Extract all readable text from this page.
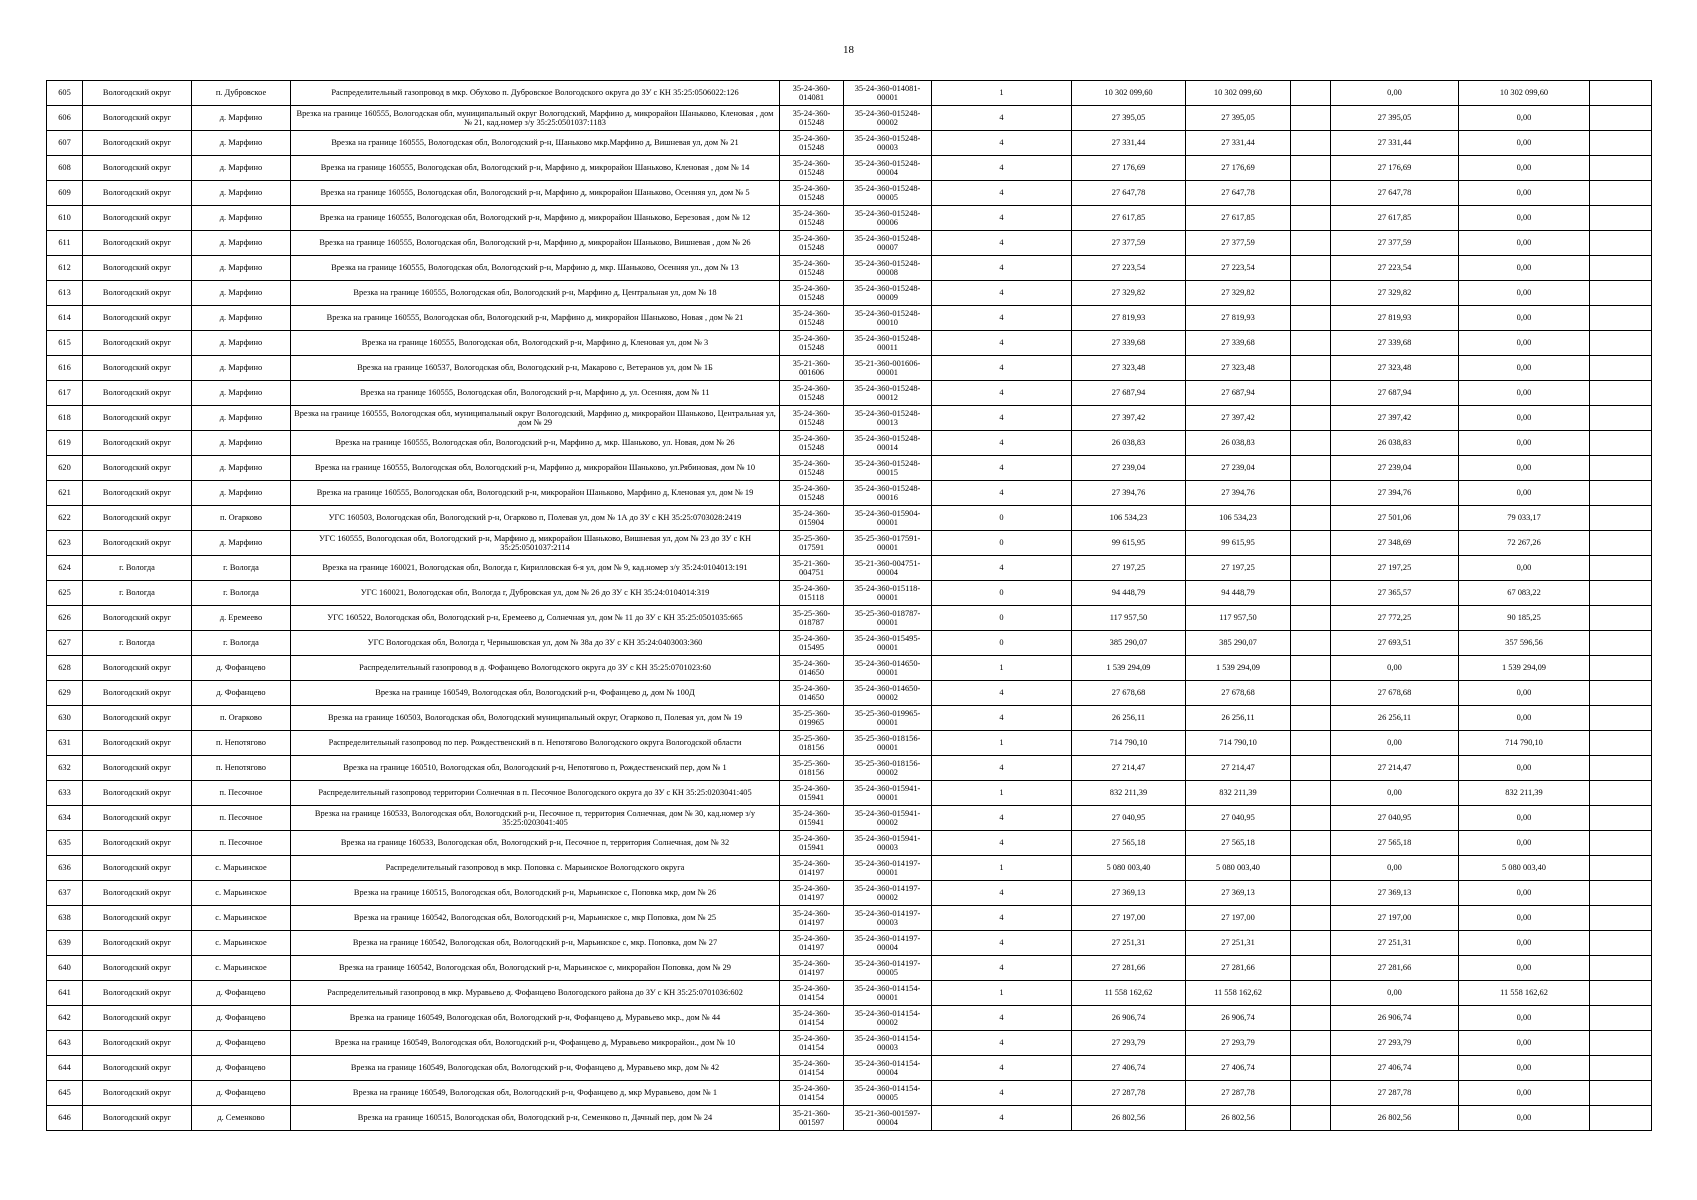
18
605	Вологодский округ	п. Дубровское	Распределительный газопровод в мкр. Обухово п. Дубровское Вологодского округа до ЗУ с КН 35:25:0506022:126	35-24-360-014081	35-24-360-014081-00001	1	10 302 099,60	10 302 099,60		0,00	10 302 099,60	
606	Вологодский округ	д. Марфино	Врезка на границе 160555, Вологодская обл, муниципальный округ Вологодский, Марфино д, микрорайон Шаньково, Кленовая , дом № 21, кад.номер з/у 35:25:0501037:1183	35-24-360-015248	35-24-360-015248-00002	4	27 395,05	27 395,05		27 395,05	0,00	
607	Вологодский округ	д. Марфино	Врезка на границе 160555, Вологодская обл, Вологодский р-н, Шаньково мкр.Марфино д, Вишневая ул, дом № 21	35-24-360-015248	35-24-360-015248-00003	4	27 331,44	27 331,44		27 331,44	0,00	
608	Вологодский округ	д. Марфино	Врезка на границе 160555, Вологодская обл, Вологодский р-н, Марфино д, микрорайон Шаньково, Кленовая , дом № 14	35-24-360-015248	35-24-360-015248-00004	4	27 176,69	27 176,69		27 176,69	0,00	
609	Вологодский округ	д. Марфино	Врезка на границе 160555, Вологодская обл, Вологодский р-н, Марфино д, микрорайон Шаньково, Осенняя ул, дом № 5	35-24-360-015248	35-24-360-015248-00005	4	27 647,78	27 647,78		27 647,78	0,00	
610	Вологодский округ	д. Марфино	Врезка на границе 160555, Вологодская обл, Вологодский р-н, Марфино д, микрорайон Шаньково, Березовая , дом № 12	35-24-360-015248	35-24-360-015248-00006	4	27 617,85	27 617,85		27 617,85	0,00	
611	Вологодский округ	д. Марфино	Врезка на границе 160555, Вологодская обл, Вологодский р-н, Марфино д, микрорайон Шаньково, Вишневая , дом № 26	35-24-360-015248	35-24-360-015248-00007	4	27 377,59	27 377,59		27 377,59	0,00	
612	Вологодский округ	д. Марфино	Врезка на границе 160555, Вологодская обл, Вологодский р-н, Марфино д, мкр. Шаньково, Осенняя ул., дом № 13	35-24-360-015248	35-24-360-015248-00008	4	27 223,54	27 223,54		27 223,54	0,00	
613	Вологодский округ	д. Марфино	Врезка на границе 160555, Вологодская обл, Вологодский р-н, Марфино д, Центральная ул, дом № 18	35-24-360-015248	35-24-360-015248-00009	4	27 329,82	27 329,82		27 329,82	0,00	
614	Вологодский округ	д. Марфино	Врезка на границе 160555, Вологодская обл, Вологодский р-н, Марфино д, микрорайон Шаньково, Новая , дом № 21	35-24-360-015248	35-24-360-015248-00010	4	27 819,93	27 819,93		27 819,93	0,00	
615	Вологодский округ	д. Марфино	Врезка на границе 160555, Вологодская обл, Вологодский р-н, Марфино д, Кленовая ул, дом № 3	35-24-360-015248	35-24-360-015248-00011	4	27 339,68	27 339,68		27 339,68	0,00	
616	Вологодский округ	д. Марфино	Врезка на границе 160537, Вологодская обл, Вологодский р-н, Макарово с, Ветеранов ул, дом № 1Б	35-21-360-001606	35-21-360-001606-00001	4	27 323,48	27 323,48		27 323,48	0,00	
617	Вологодский округ	д. Марфино	Врезка на границе 160555, Вологодская обл, Вологодский р-н, Марфино д, ул. Осенняя, дом № 11	35-24-360-015248	35-24-360-015248-00012	4	27 687,94	27 687,94		27 687,94	0,00	
618	Вологодский округ	д. Марфино	Врезка на границе 160555, Вологодская обл, муниципальный округ Вологодский, Марфино д, микрорайон Шаньково, Центральная ул, дом № 29	35-24-360-015248	35-24-360-015248-00013	4	27 397,42	27 397,42		27 397,42	0,00	
619	Вологодский округ	д. Марфино	Врезка на границе 160555, Вологодская обл, Вологодский р-н, Марфино д, мкр. Шаньково, ул. Новая, дом № 26	35-24-360-015248	35-24-360-015248-00014	4	26 038,83	26 038,83		26 038,83	0,00	
620	Вологодский округ	д. Марфино	Врезка на границе 160555, Вологодская обл, Вологодский р-н, Марфино д, микрорайон Шаньково, ул.Рябиновая, дом № 10	35-24-360-015248	35-24-360-015248-00015	4	27 239,04	27 239,04		27 239,04	0,00	
621	Вологодский округ	д. Марфино	Врезка на границе 160555, Вологодская обл, Вологодский р-н, микрорайон Шаньково, Марфино д, Кленовая ул, дом № 19	35-24-360-015248	35-24-360-015248-00016	4	27 394,76	27 394,76		27 394,76	0,00	
622	Вологодский округ	п. Огарково	УГС 160503, Вологодская обл, Вологодский р-н, Огарково п, Полевая ул, дом № 1А до ЗУ с КН 35:25:0703028:2419	35-24-360-015904	35-24-360-015904-00001	0	106 534,23	106 534,23		27 501,06	79 033,17	
623	Вологодский округ	д. Марфино	УГС 160555, Вологодская обл, Вологодский р-н, Марфино д, микрорайон Шаньково, Вишневая ул, дом № 23 до ЗУ с КН 35:25:0501037:2114	35-25-360-017591	35-25-360-017591-00001	0	99 615,95	99 615,95		27 348,69	72 267,26	
624	г. Вологда	г. Вологда	Врезка на границе 160021, Вологодская обл, Вологда г, Кирилловская 6-я ул, дом № 9, кад.номер з/у 35:24:0104013:191	35-21-360-004751	35-21-360-004751-00004	4	27 197,25	27 197,25		27 197,25	0,00	
625	г. Вологда	г. Вологда	УГС 160021, Вологодская обл, Вологда г, Дубровская ул, дом № 26 до ЗУ с КН 35:24:0104014:319	35-24-360-015118	35-24-360-015118-00001	0	94 448,79	94 448,79		27 365,57	67 083,22	
626	Вологодский округ	д. Еремеево	УГС 160522, Вологодская обл, Вологодский р-н, Еремеево д, Солнечная ул, дом № 11 до ЗУ с КН 35:25:0501035:665	35-25-360-018787	35-25-360-018787-00001	0	117 957,50	117 957,50		27 772,25	90 185,25	
627	г. Вологда	г. Вологда	УГС Вологодская обл, Вологда г, Чернышовская ул, дом № 38а до ЗУ с КН 35:24:0403003:360	35-24-360-015495	35-24-360-015495-00001	0	385 290,07	385 290,07		27 693,51	357 596,56	
628	Вологодский округ	д. Фофанцево	Распределительный газопровод в д. Фофанцево Вологодского округа до ЗУ с КН 35:25:0701023:60	35-24-360-014650	35-24-360-014650-00001	1	1 539 294,09	1 539 294,09		0,00	1 539 294,09	
629	Вологодский округ	д. Фофанцево	Врезка на границе 160549, Вологодская обл, Вологодский р-н, Фофанцево д, дом № 100Д	35-24-360-014650	35-24-360-014650-00002	4	27 678,68	27 678,68		27 678,68	0,00	
630	Вологодский округ	п. Огарково	Врезка на границе 160503, Вологодская обл, Вологодский муниципальный округ, Огарково п, Полевая ул, дом № 19	35-25-360-019965	35-25-360-019965-00001	4	26 256,11	26 256,11		26 256,11	0,00	
631	Вологодский округ	п. Непотягово	Распределительный газопровод по пер. Рождественский в п. Непотягово Вологодского округа Вологодской области	35-25-360-018156	35-25-360-018156-00001	1	714 790,10	714 790,10		0,00	714 790,10	
632	Вологодский округ	п. Непотягово	Врезка на границе 160510, Вологодская обл, Вологодский р-н, Непотягово п, Рождественский пер, дом № 1	35-25-360-018156	35-25-360-018156-00002	4	27 214,47	27 214,47		27 214,47	0,00	
633	Вологодский округ	п. Песочное	Распределительный газопровод территории Солнечная в п. Песочное Вологодского округа до ЗУ с КН 35:25:0203041:405	35-24-360-015941	35-24-360-015941-00001	1	832 211,39	832 211,39		0,00	832 211,39	
634	Вологодский округ	п. Песочное	Врезка на границе 160533, Вологодская обл, Вологодский р-н, Песочное п, территория Солнечная, дом № 30, кад.номер з/у 35:25:0203041:405	35-24-360-015941	35-24-360-015941-00002	4	27 040,95	27 040,95		27 040,95	0,00	
635	Вологодский округ	п. Песочное	Врезка на границе 160533, Вологодская обл, Вологодский р-н, Песочное п, территория Солнечная, дом № 32	35-24-360-015941	35-24-360-015941-00003	4	27 565,18	27 565,18		27 565,18	0,00	
636	Вологодский округ	с. Марьинское	Распределительный газопровод в мкр. Поповка с. Марьинское Вологодского округа	35-24-360-014197	35-24-360-014197-00001	1	5 080 003,40	5 080 003,40		0,00	5 080 003,40	
637	Вологодский округ	с. Марьинское	Врезка на границе 160515, Вологодская обл, Вологодский р-н, Марьинское с, Поповка мкр, дом № 26	35-24-360-014197	35-24-360-014197-00002	4	27 369,13	27 369,13		27 369,13	0,00	
638	Вологодский округ	с. Марьинское	Врезка на границе 160542, Вологодская обл, Вологодский р-н, Марьинское с, мкр Поповка, дом № 25	35-24-360-014197	35-24-360-014197-00003	4	27 197,00	27 197,00		27 197,00	0,00	
639	Вологодский округ	с. Марьинское	Врезка на границе 160542, Вологодская обл, Вологодский р-н, Марьинское с, мкр. Поповка, дом № 27	35-24-360-014197	35-24-360-014197-00004	4	27 251,31	27 251,31		27 251,31	0,00	
640	Вологодский округ	с. Марьинское	Врезка на границе 160542, Вологодская обл, Вологодский р-н, Марьинское с, микрорайон Поповка, дом № 29	35-24-360-014197	35-24-360-014197-00005	4	27 281,66	27 281,66		27 281,66	0,00	
641	Вологодский округ	д. Фофанцево	Распределительный газопровод в мкр. Муравьево д. Фофанцево Вологодского района до ЗУ с КН 35:25:0701036:602	35-24-360-014154	35-24-360-014154-00001	1	11 558 162,62	11 558 162,62		0,00	11 558 162,62	
642	Вологодский округ	д. Фофанцево	Врезка на границе 160549, Вологодская обл, Вологодский р-н, Фофанцево д, Муравьево мкр., дом № 44	35-24-360-014154	35-24-360-014154-00002	4	26 906,74	26 906,74		26 906,74	0,00	
643	Вологодский округ	д. Фофанцево	Врезка на границе 160549, Вологодская обл, Вологодский р-н, Фофанцево д, Муравьево микрорайон., дом № 10	35-24-360-014154	35-24-360-014154-00003	4	27 293,79	27 293,79		27 293,79	0,00	
644	Вологодский округ	д. Фофанцево	Врезка на границе 160549, Вологодская обл, Вологодский р-н, Фофанцево д, Муравьево мкр, дом № 42	35-24-360-014154	35-24-360-014154-00004	4	27 406,74	27 406,74		27 406,74	0,00	
645	Вологодский округ	д. Фофанцево	Врезка на границе 160549, Вологодская обл, Вологодский р-н, Фофанцево д, мкр Муравьево, дом № 1	35-24-360-014154	35-24-360-014154-00005	4	27 287,78	27 287,78		27 287,78	0,00	
646	Вологодский округ	д. Семенково	Врезка на границе 160515, Вологодская обл, Вологодский р-н, Семенково п, Дачный пер, дом № 24	35-21-360-001597	35-21-360-001597-00004	4	26 802,56	26 802,56		26 802,56	0,00	
